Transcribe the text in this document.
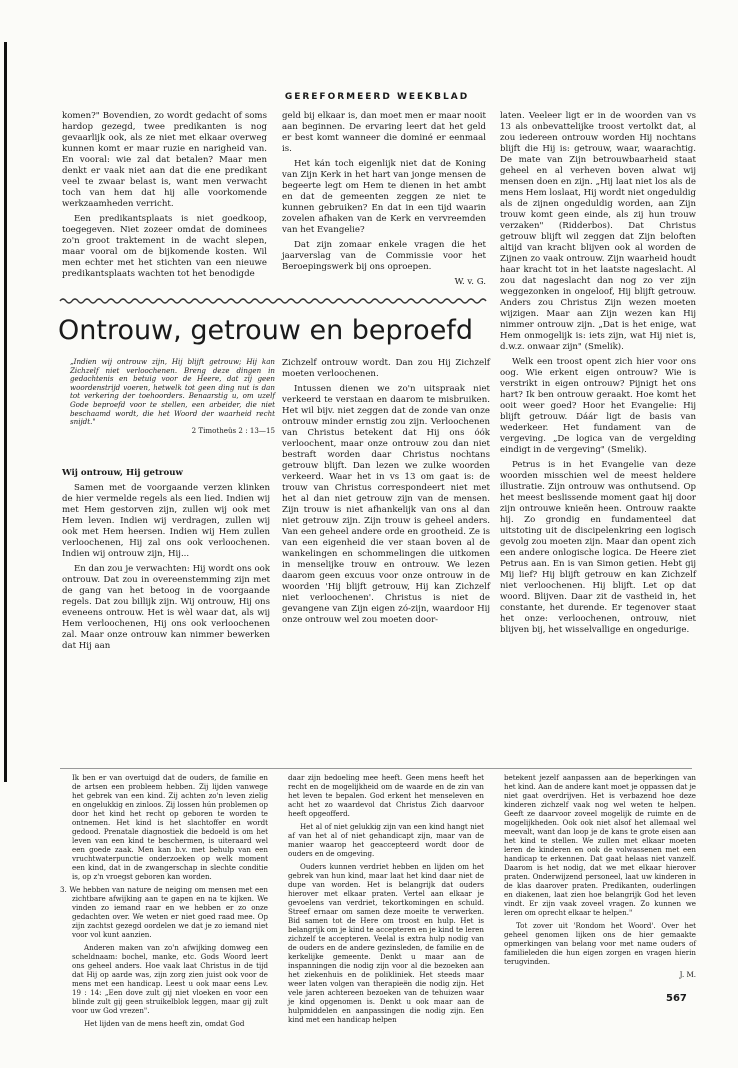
GEREFORMEERD WEEKBLAD

komen?" Bovendien, zo wordt gedacht of soms hardop gezegd, twee predikanten is nog gevaarlijk ook, als ze niet met elkaar overweg kunnen komt er maar ruzie en narigheid van. En vooral: wie zal dat betalen? Maar men denkt er vaak niet aan dat die ene predikant veel te zwaar belast is, want men verwacht toch van hem dat hij alle voorkomende werkzaamheden verricht.

Een predikantsplaats is niet goedkoop, toegegeven. Niet zozeer omdat de dominees zo'n groot traktement in de wacht slepen, maar vooral om de bijkomende kosten. Wil men echter met het stichten van een nieuwe predikantsplaats wachten tot het benodigde

geld bij elkaar is, dan moet men er maar nooit aan beginnen. De ervaring leert dat het geld er best komt wanneer die dominé er eenmaal is.

Het kán toch eigenlijk niet dat de Koning van Zijn Kerk in het hart van jonge mensen de begeerte legt om Hem te dienen in het ambt en dat de gemeenten zeggen ze niet te kunnen gebruiken? En dat in een tijd waarin zovelen afhaken van de Kerk en vervreemden van het Evangelie?

Dat zijn zomaar enkele vragen die het jaarverslag van de Commissie voor het Beroepingswerk bij ons oproepen.

W. v. G.

Ontrouw, getrouw en beproefd
„Indien wij ontrouw zijn, Hij blijft getrouw; Hij kan Zichzelf niet verloochenen. Breng deze dingen in gedachtenis en betuig voor de Heere, dat zij geen woordenstrijd voeren, hetwelk tot geen ding nut is dan tot verkering der toehoorders. Benaarstig u, om uzelf Gode beproefd voor te stellen, een arbeider, die niet beschaamd wordt, die het Woord der waarheid recht snijdt."
2 Timotheüs 2 : 13—15

Wij ontrouw, Hij getrouw

Samen met de voorgaande verzen klinken de hier vermelde regels als een lied. Indien wij met Hem gestorven zijn, zullen wij ook met Hem leven. Indien wij verdragen, zullen wij ook met Hem heersen. Indien wij Hem zullen verloochenen, Hij zal ons ook verloochenen. Indien wij ontrouw zijn, Hij...

En dan zou je verwachten: Hij wordt ons ook ontrouw. Dat zou in overeenstemming zijn met de gang van het betoog in de voorgaande regels. Dat zou billijk zijn. Wij ontrouw, Hij ons eveneens ontrouw. Het is wèl waar dat, als wij Hem verloochenen, Hij ons ook verloochenen zal. Maar onze ontrouw kan nimmer bewerken dat Hij aan

Zichzelf ontrouw wordt. Dan zou Hij Zichzelf moeten verloochenen.

Intussen dienen we zo'n uitspraak niet verkeerd te verstaan en daarom te misbruiken. Het wil bijv. niet zeggen dat de zonde van onze ontrouw minder ernstig zou zijn. Verloochenen van Christus betekent dat Hij ons óók verloochent, maar onze ontrouw zou dan niet bestraft worden daar Christus nochtans getrouw blijft. Dan lezen we zulke woorden verkeerd. Waar het in vs 13 om gaat is: de trouw van Christus correspondeert niet met het al dan niet getrouw zijn van de mensen. Zijn trouw is niet afhankelijk van ons al dan niet getrouw zijn. Zijn trouw is geheel anders. Van een geheel andere orde en grootheid. Ze is van een eigenheid die ver staan boven al de wankelingen en schommelingen die uitkomen in menselijke trouw en ontrouw. We lezen daarom geen excuus voor onze ontrouw in de woorden 'Hij blijft getrouw, Hij kan Zichzelf niet verloochenen'. Christus is niet de gevangene van Zijn eigen zó-zijn, waardoor Hij onze ontrouw wel zou moeten door-

laten. Veeleer ligt er in de woorden van vs 13 als onbevattelijke troost vertolkt dat, al zou iedereen ontrouw worden Hij nochtans blijft die Hij is: getrouw, waar, waarachtig. De mate van Zijn betrouwbaarheid staat geheel en al verheven boven alwat wij mensen doen en zijn. „Hij laat niet los als de mens Hem loslaat, Hij wordt niet ongeduldig als de zijnen ongeduldig worden, aan Zijn trouw komt geen einde, als zij hun trouw verzaken" (Ridderbos). Dat Christus getrouw blijft wil zeggen dat Zijn beloften altijd van kracht blijven ook al worden de Zijnen zo vaak ontrouw. Zijn waarheid houdt haar kracht tot in het laatste nageslacht. Al zou dat nageslacht dan nog zo ver zijn weggezonken in ongeloof, Hij blijft getrouw. Anders zou Christus Zijn wezen moeten wijzigen. Maar aan Zijn wezen kan Hij nimmer ontrouw zijn. „Dat is het enige, wat Hem onmogelijk is: iets zijn, wat Hij niet is, d.w.z. onwaar zijn" (Smelik).

Welk een troost opent zich hier voor ons oog. Wie erkent eigen ontrouw? Wie is verstrikt in eigen ontrouw? Pijnigt het ons hart? Ik ben ontrouw geraakt. Hoe komt het ooit weer goed? Hoor het Evangelie: Hij blijft getrouw. Dáár ligt de basis van wederkeer. Het fundament van de vergeving. „De logica van de vergelding eindigt in de vergeving" (Smelik).

Petrus is in het Evangelie van deze woorden misschien wel de meest heldere illustratie. Zijn ontrouw was onthutsend. Op het meest beslissende moment gaat hij door zijn ontrouwe knieën heen. Ontrouw raakte hij. Zo grondig en fundamenteel dat uitstoting uit de discipelenkring een logisch gevolg zou moeten zijn. Maar dan opent zich een andere onlogische logica. De Heere ziet Petrus aan. En is van Simon getien. Hebt gij Mij lief? Hij blijft getrouw en kan Zichzelf niet verloochenen. Hij blijft. Let op dat woord. Blijven. Daar zit de vastheid in, het constante, het durende. Er tegenover staat het onze: verloochenen, ontrouw, niet blijven bij, het wisselvallige en ongedurige.

Ik ben er van overtuigd dat de ouders, de familie en de artsen een probleem hebben. Zij lijden vanwege het gebrek van een kind. Zij achten zo'n leven zielig en ongelukkig en zinloos. Zij lossen hún problemen op door het kind het recht op geboren te worden te ontnemen. Het kind is het slachtoffer en wordt gedood. Prenatale diagnostiek die bedoeld is om het leven van een kind te beschermen, is uiteraard wel een goede zaak. Men kan b.v. met behulp van een vruchtwaterpunctie onderzoeken op welk moment een kind, dat in de zwangerschap in slechte conditie is, op z'n vroegst geboren kan worden.

3. We hebben van nature de neiging om mensen met een zichtbare afwijking aan te gapen en na te kijken. We vinden zo iemand raar en we hebben er zo onze gedachten over. We weten er niet goed raad mee. Op zijn zachtst gezegd oordelen we dat je zo iemand niet voor vol kunt aanzien.

Anderen maken van zo'n afwijking domweg een scheldnaam: bochel, manke, etc. Gods Woord leert ons geheel anders. Hoe vaak laat Christus in de tijd dat Hij op aarde was, zijn zorg zien juist ook voor de mens met een handicap. Leest u ook maar eens Lev. 19 : 14: „Een dove zult gij niet vloeken en voor een blinde zult gij geen struikelblok leggen, maar gij zult voor uw God vrezen".

Het lijden van de mens heeft zin, omdat God

daar zijn bedoeling mee heeft. Geen mens heeft het recht en de mogelijkheid om de waarde en de zin van het leven te bepalen. God erkent het menseleven en acht het zo waardevol dat Christus Zich daarvoor heeft opgeofferd.

Het al of niet gelukkig zijn van een kind hangt niet af van het al of niet gehandicapt zijn, maar van de manier waarop het geaccepteerd wordt door de ouders en de omgeving.

Ouders kunnen verdriet hebben en lijden om het gebrek van hun kind, maar laat het kind daar niet de dupe van worden. Het is belangrijk dat ouders hierover met elkaar praten. Vertel aan elkaar je gevoelens van verdriet, tekortkomingen en schuld. Streef ernaar om samen deze moeite te verwerken. Bid samen tot de Here om troost en hulp. Het is belangrijk om je kind te accepteren en je kind te leren zichzelf te accepteren. Veelal is extra hulp nodig van de ouders en de andere gezinsleden, de familie en de kerkelijke gemeente. Denkt u maar aan de inspanningen die nodig zijn voor al die bezoeken aan het ziekenhuis en de polikliniek. Het steeds maar weer laten volgen van therapieën die nodig zijn. Het vele jaren achtereen bezoeken van de tehuizen waar je kind opgenomen is. Denkt u ook maar aan de hulpmiddelen en aanpassingen die nodig zijn. Een kind met een handicap helpen

betekent jezelf aanpassen aan de beperkingen van het kind. Aan de andere kant moet je oppassen dat je niet gaat overdrijven. Het is verbazend hoe deze kinderen zichzelf vaak nog wel weten te helpen. Geeft ze daarvoor zoveel mogelijk de ruimte en de mogelijkheden. Ook ook niet alsof het allemaal wel meevalt, want dan loop je de kans te grote eisen aan het kind te stellen. We zullen met elkaar moeten leren de kinderen en ook de volwassenen met een handicap te erkennen. Dat gaat helaas niet vanzelf. Daarom is het nodig, dat we met elkaar hierover praten. Onderwijzend personeel, laat uw kinderen in de klas daarover praten. Predikanten, ouderlingen en diakenen, laat zien hoe belangrijk God het leven vindt. Er zijn vaak zoveel vragen. Zo kunnen we leren om oprecht elkaar te helpen."

Tot zover uit 'Rondom het Woord'. Over het geheel genomen lijken ons de hier gemaakte opmerkingen van belang voor met name ouders of familieleden die hun eigen zorgen en vragen hierin terugvinden.

J. M.

567
